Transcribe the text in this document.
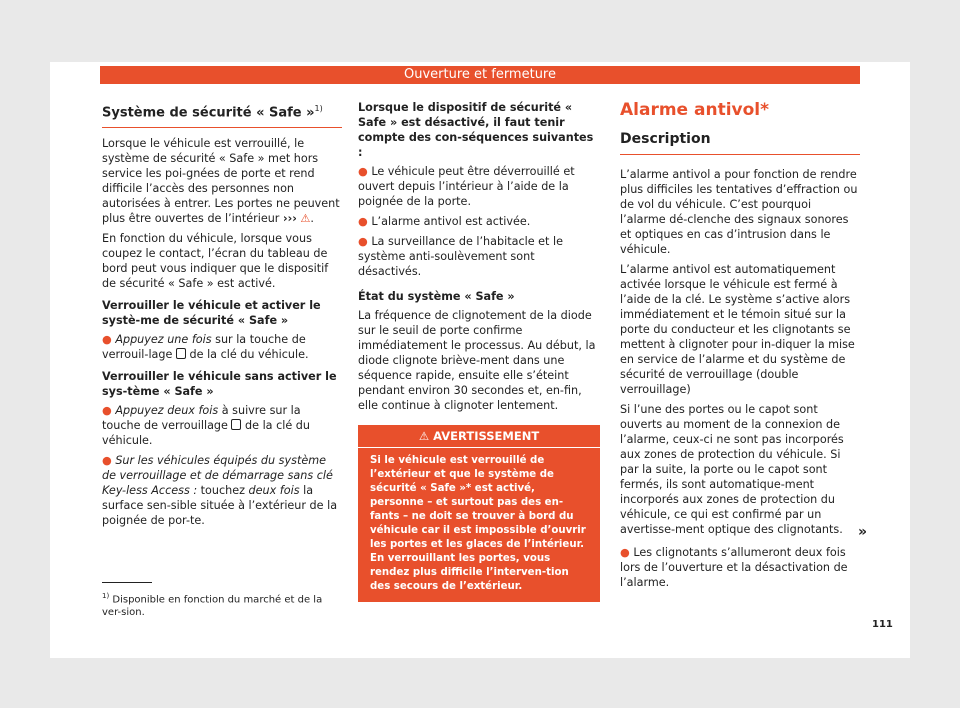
Ouverture et fermeture
Système de sécurité « Safe »$^{1)}$

Lorsque le véhicule est verrouillé, le système de sécurité « Safe » met hors service les poi-gnées de porte et rend difficile l’accès des personnes non autorisées à entrer. Les portes ne peuvent plus être ouvertes de l’intérieur ››› ⚠.

En fonction du véhicule, lorsque vous coupez le contact, l’écran du tableau de bord peut vous indiquer que le dispositif de sécurité « Safe » est activé.

Verrouiller le véhicule et activer le systè-me de sécurité « Safe »

● Appuyez une fois sur la touche de verrouil-lage  de la clé du véhicule.

Verrouiller le véhicule sans activer le sys-tème « Safe »

● Appuyez deux fois à suivre sur la touche de verrouillage  de la clé du véhicule.

● Sur les véhicules équipés du système de verrouillage et de démarrage sans clé Key-less Access : touchez deux fois la surface sen-sible située à l’extérieur de la poignée de por-te.

Lorsque le dispositif de sécurité « Safe » est désactivé, il faut tenir compte des con-séquences suivantes :

● Le véhicule peut être déverrouillé et ouvert depuis l’intérieur à l’aide de la poignée de la porte.

● L’alarme antivol est activée.

● La surveillance de l’habitacle et le système anti-soulèvement sont désactivés.

État du système « Safe »

La fréquence de clignotement de la diode sur le seuil de porte confirme immédiatement le processus. Au début, la diode clignote briève-ment dans une séquence rapide, ensuite elle s’éteint pendant environ 30 secondes et, en-fin, elle continue à clignoter lentement.

⚠ AVERTISSEMENT
Si le véhicule est verrouillé de l’extérieur et que le système de sécurité « Safe »* est activé, personne – et surtout pas des en-fants – ne doit se trouver à bord du véhicule car il est impossible d’ouvrir les portes et les glaces de l’intérieur. En verrouillant les portes, vous rendez plus difficile l’interven-tion des secours de l’extérieur.
Alarme antivol*
Description

L’alarme antivol a pour fonction de rendre plus difficiles les tentatives d’effraction ou de vol du véhicule. C’est pourquoi l’alarme dé-clenche des signaux sonores et optiques en cas d’intrusion dans le véhicule.

L’alarme antivol est automatiquement activée lorsque le véhicule est fermé à l’aide de la clé. Le système s’active alors immédiatement et le témoin situé sur la porte du conducteur et les clignotants se mettent à clignoter pour in-diquer la mise en service de l’alarme et du système de sécurité de verrouillage (double verrouillage)

Si l’une des portes ou le capot sont ouverts au moment de la connexion de l’alarme, ceux-ci ne sont pas incorporés aux zones de protection du véhicule. Si par la suite, la porte ou le capot sont fermés, ils sont automatique-ment incorporés aux zones de protection du véhicule, ce qui est confirmé par un avertisse-ment optique des clignotants.

● Les clignotants s’allumeront deux fois lors de l’ouverture et la désactivation de l’alarme.

»
$^{1)}$ Disponible en fonction du marché et de la ver-sion.
111
